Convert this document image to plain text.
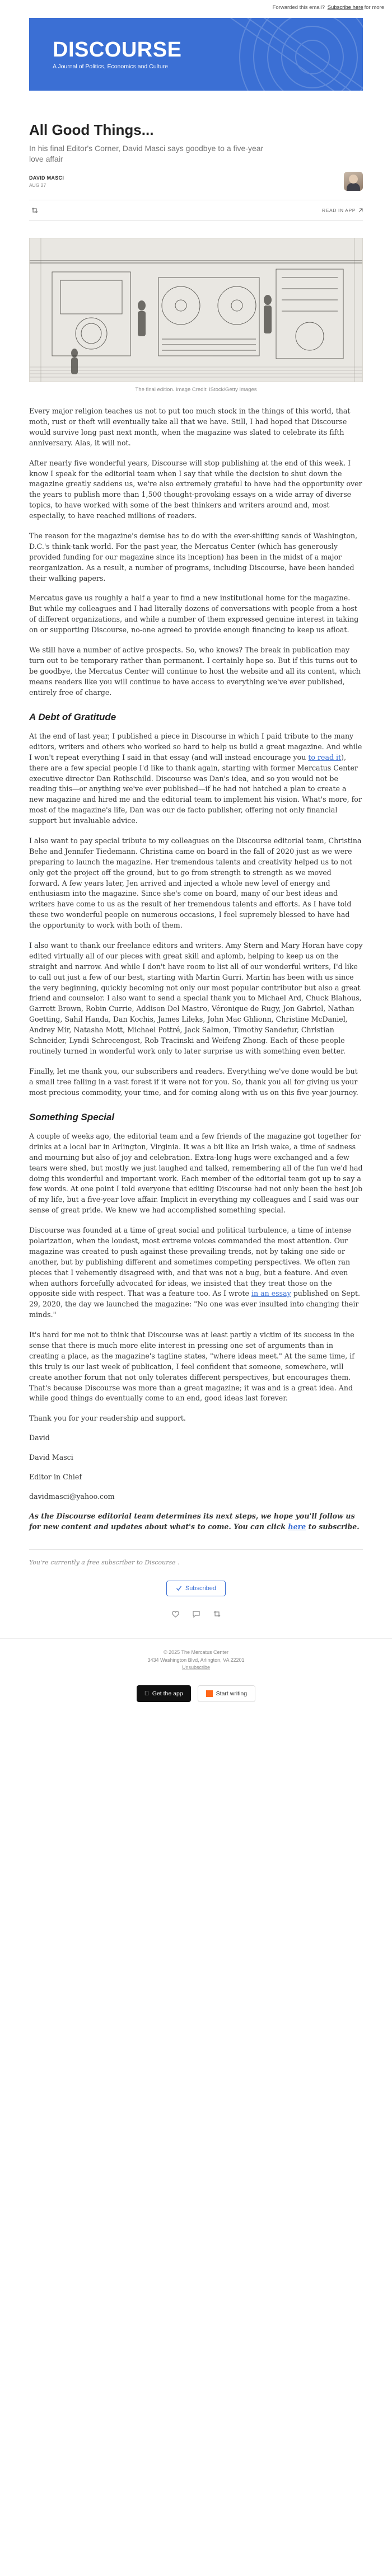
Forwarded this email?
Subscribe here for more
DISCOURSE
A Journal of Politics, Economics and Culture
All Good Things...
In his final Editor's Corner, David Masci says goodbye to a five-year love affair
DAVID MASCI
AUG 27
READ IN APP
The final edition. Image Credit: iStock/Getty Images

Every major religion teaches us not to put too much stock in the things of this world, that moth, rust or theft will eventually take all that we have. Still, I had hoped that Discourse would survive long past next month, when the magazine was slated to celebrate its fifth anniversary. Alas, it will not.

After nearly five wonderful years, Discourse will stop publishing at the end of this week. I know I speak for the editorial team when I say that while the decision to shut down the magazine greatly saddens us, we're also extremely grateful to have had the opportunity over the years to publish more than 1,500 thought-provoking essays on a wide array of diverse topics, to have worked with some of the best thinkers and writers around and, most especially, to have reached millions of readers.

The reason for the magazine's demise has to do with the ever-shifting sands of Washington, D.C.'s think-tank world. For the past year, the Mercatus Center (which has generously provided funding for our magazine since its inception) has been in the midst of a major reorganization. As a result, a number of programs, including Discourse, have been handed their walking papers.

Mercatus gave us roughly a half a year to find a new institutional home for the magazine. But while my colleagues and I had literally dozens of conversations with people from a host of different organizations, and while a number of them expressed genuine interest in taking on or supporting Discourse, no-one agreed to provide enough financing to keep us afloat.

We still have a number of active prospects. So, who knows? The break in publication may turn out to be temporary rather than permanent. I certainly hope so. But if this turns out to be goodbye, the Mercatus Center will continue to host the website and all its content, which means readers like you will continue to have access to everything we've ever published, entirely free of charge.

A Debt of Gratitude

At the end of last year, I published a piece in Discourse in which I paid tribute to the many editors, writers and others who worked so hard to help us build a great magazine. And while I won't repeat everything I said in that essay (and will instead encourage you to read it), there are a few special people I'd like to thank again, starting with former Mercatus Center executive director Dan Rothschild. Discourse was Dan's idea, and so you would not be reading this—or anything we've ever published—if he had not hatched a plan to create a new magazine and hired me and the editorial team to implement his vision. What's more, for most of the magazine's life, Dan was our de facto publisher, offering not only financial support but invaluable advice.

I also want to pay special tribute to my colleagues on the Discourse editorial team, Christina Behe and Jennifer Tiedemann. Christina came on board in the fall of 2020 just as we were preparing to launch the magazine. Her tremendous talents and creativity helped us to not only get the project off the ground, but to go from strength to strength as we moved forward. A few years later, Jen arrived and injected a whole new level of energy and enthusiasm into the magazine. Since she's come on board, many of our best ideas and writers have come to us as the result of her tremendous talents and efforts. As I have told these two wonderful people on numerous occasions, I feel supremely blessed to have had the opportunity to work with both of them.

I also want to thank our freelance editors and writers. Amy Stern and Mary Horan have copy edited virtually all of our pieces with great skill and aplomb, helping to keep us on the straight and narrow. And while I don't have room to list all of our wonderful writers, I'd like to call out just a few of our best, starting with Martin Gurri. Martin has been with us since the very beginning, quickly becoming not only our most popular contributor but also a great friend and counselor. I also want to send a special thank you to Michael Ard, Chuck Blahous, Garrett Brown, Robin Currie, Addison Del Mastro, Véronique de Rugy, Jon Gabriel, Nathan Goetting, Sahil Handa, Dan Kochis, James Lileks, John Mac Ghlionn, Christine McDaniel, Andrey Mir, Natasha Mott, Michael Pottré, Jack Salmon, Timothy Sandefur, Christian Schneider, Lyndi Schrecengost, Rob Tracinski and Weifeng Zhong. Each of these people routinely turned in wonderful work only to later surprise us with something even better.

Finally, let me thank you, our subscribers and readers. Everything we've done would be but a small tree falling in a vast forest if it were not for you. So, thank you all for giving us your most precious commodity, your time, and for coming along with us on this five-year journey.

Something Special

A couple of weeks ago, the editorial team and a few friends of the magazine got together for drinks at a local bar in Arlington, Virginia. It was a bit like an Irish wake, a time of sadness and mourning but also of joy and celebration. Extra-long hugs were exchanged and a few tears were shed, but mostly we just laughed and talked, remembering all of the fun we'd had doing this wonderful and important work. Each member of the editorial team got up to say a few words. At one point I told everyone that editing Discourse had not only been the best job of my life, but a five-year love affair. Implicit in everything my colleagues and I said was our sense of great pride. We knew we had accomplished something special.

Discourse was founded at a time of great social and political turbulence, a time of intense polarization, when the loudest, most extreme voices commanded the most attention. Our magazine was created to push against these prevailing trends, not by taking one side or another, but by publishing different and sometimes competing perspectives. We often ran pieces that I vehemently disagreed with, and that was not a bug, but a feature. And even when authors forcefully advocated for ideas, we insisted that they treat those on the opposite side with respect. That was a feature too. As I wrote in an essay published on Sept. 29, 2020, the day we launched the magazine: "No one was ever insulted into changing their minds."

It's hard for me not to think that Discourse was at least partly a victim of its success in the sense that there is much more elite interest in pressing one set of arguments than in creating a place, as the magazine's tagline states, "where ideas meet." At the same time, if this truly is our last week of publication, I feel confident that someone, somewhere, will create another forum that not only tolerates different perspectives, but encourages them. That's because Discourse was more than a great magazine; it was and is a great idea. And while good things do eventually come to an end, good ideas last forever.

Thank you for your readership and support.

David

David Masci

Editor in Chief

davidmasci@yahoo.com

As the Discourse editorial team determines its next steps, we hope you'll follow us for new content and updates about what's to come. You can click here to subscribe.

You're currently a free subscriber to Discourse .
Subscribed
© 2025 The Mercatus Center
3434 Washington Blvd, Arlington, VA 22201
Unsubscribe
Get the app	Start writing
